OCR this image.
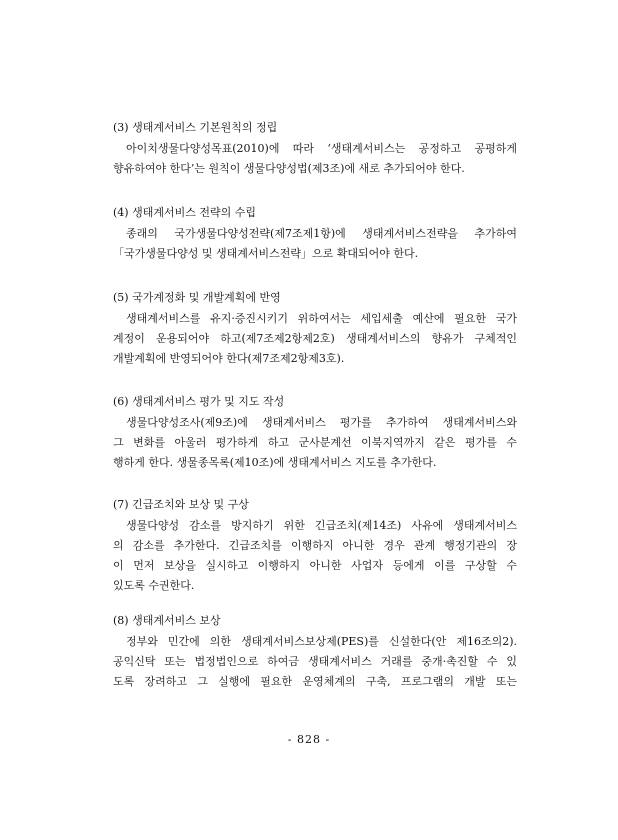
(3) 생태계서비스 기본원칙의 정립

아이치생물다양성목표(2010)에 따라 ‘생태계서비스는 공정하고 공평하게
향유하여야 한다’는 원칙이 생물다양성법(제3조)에 새로 추가되어야 한다.

(4) 생태계서비스 전략의 수립

종래의 국가생물다양성전략(제7조제1항)에 생태계서비스전략을 추가하여
「국가생물다양성 및 생태계서비스전략」으로 확대되어야 한다.

(5) 국가계정화 및 개발계획에 반영

생태계서비스를 유지·증진시키기 위하여서는 세입세출 예산에 필요한 국가
계정이 운용되어야 하고(제7조제2항제2호) 생태계서비스의 향유가 구체적인
개발계획에 반영되어야 한다(제7조제2항제3호).

(6) 생태계서비스 평가 및 지도 작성

생물다양성조사(제9조)에 생태계서비스 평가를 추가하여 생태계서비스와
그 변화를 아울러 평가하게 하고 군사분계선 이북지역까지 같은 평가를 수
행하게 한다. 생물종목록(제10조)에 생태계서비스 지도를 추가한다.

(7) 긴급조치와 보상 및 구상

생물다양성 감소를 방지하기 위한 긴급조치(제14조) 사유에 생태계서비스
의 감소를 추가한다. 긴급조치를 이행하지 아니한 경우 관계 행정기관의 장
이 먼저 보상을 실시하고 이행하지 아니한 사업자 등에게 이를 구상할 수
있도록 수권한다.

(8) 생태계서비스 보상

정부와 민간에 의한 생태계서비스보상제(PES)를 신설한다(안 제16조의2).
공익신탁 또는 법정법인으로 하여금 생태계서비스 거래를 중개·촉진할 수 있
도록 장려하고 그 실행에 필요한 운영체계의 구축, 프로그램의 개발 또는
- 828 -
